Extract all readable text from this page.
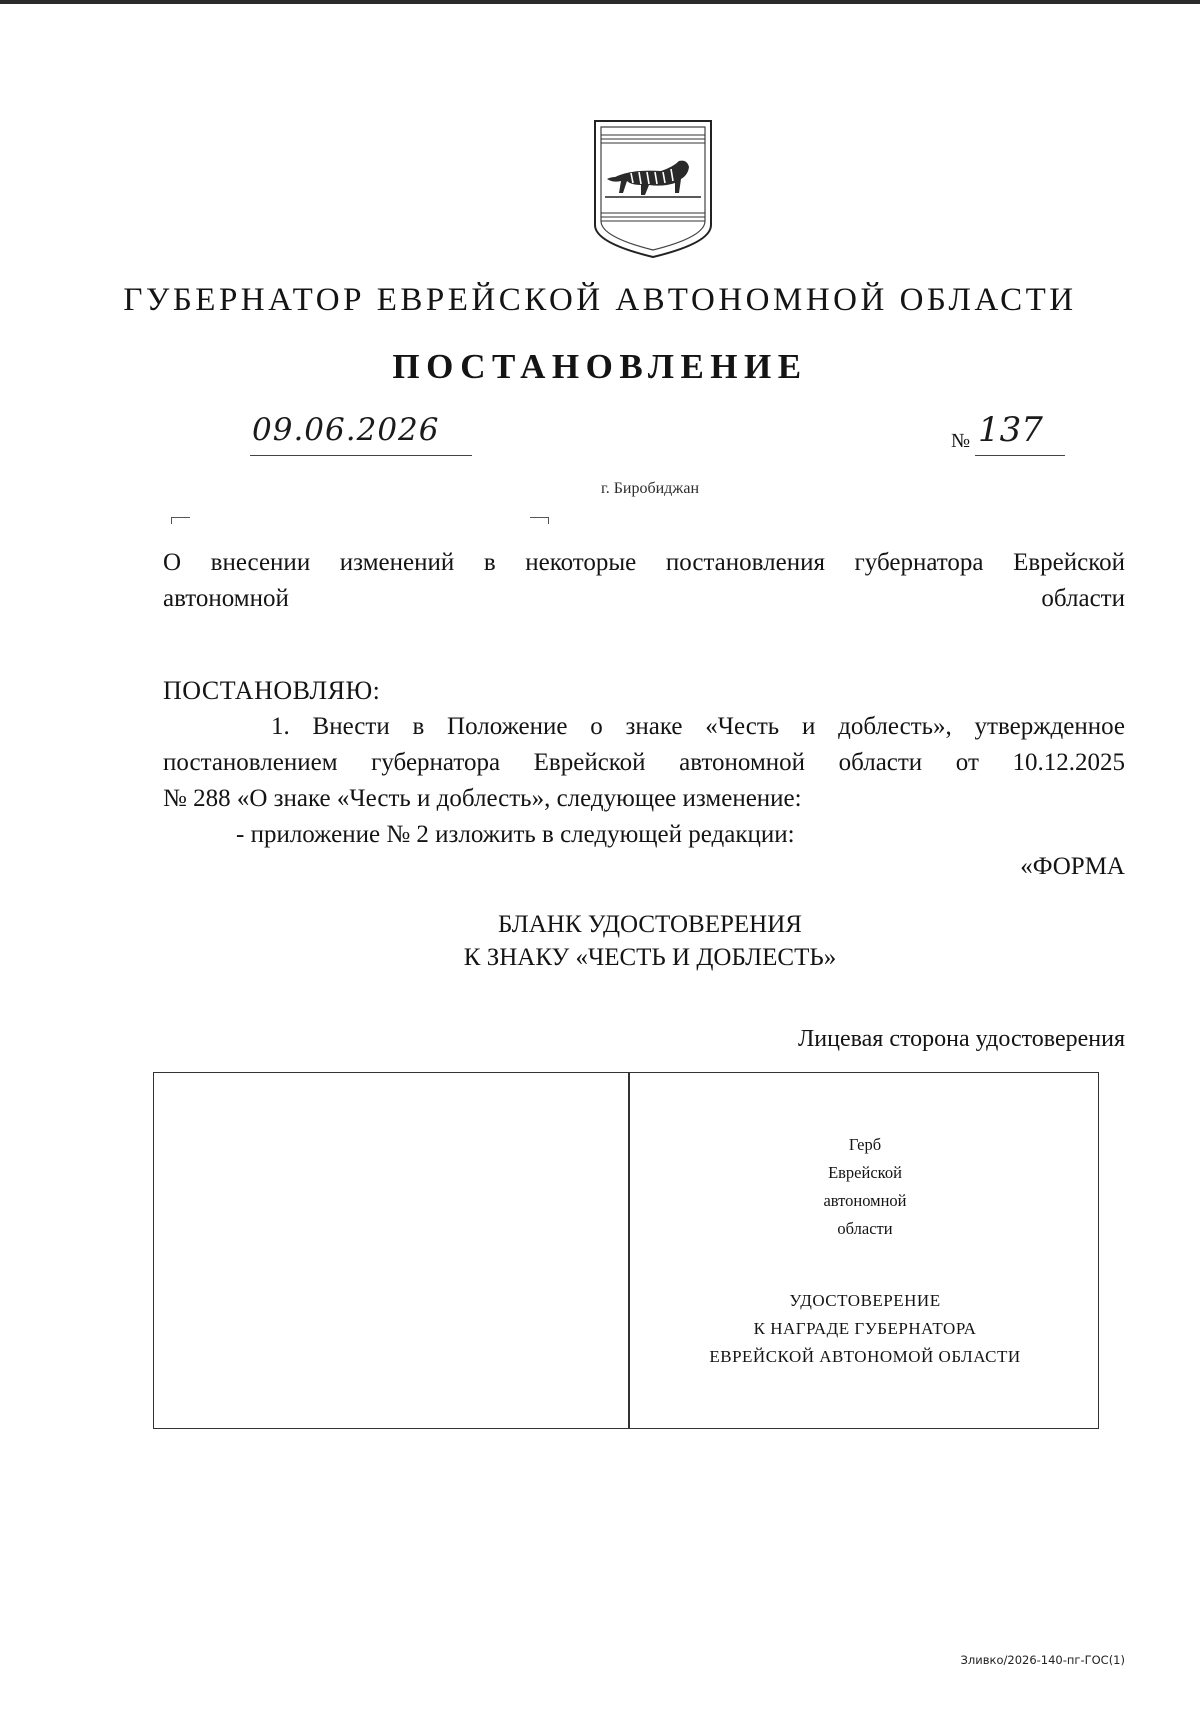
ГУБЕРНАТОР ЕВРЕЙСКОЙ АВТОНОМНОЙ ОБЛАСТИ
ПОСТАНОВЛЕНИЕ
09.06.2026	№ 137
г. Биробиджан
О внесении изменений в некоторые постановления губернатора Еврейской
автономной области
ПОСТАНОВЛЯЮ:
1. Внести в Положение о знаке «Честь и доблесть», утвержденное
постановлением губернатора Еврейской автономной области от 10.12.2025
№ 288 «О знаке «Честь и доблесть», следующее изменение:
- приложение № 2 изложить в следующей редакции:
«ФОРМА
БЛАНК УДОСТОВЕРЕНИЯ
К ЗНАКУ «ЧЕСТЬ И ДОБЛЕСТЬ»
Лицевая сторона удостоверения
Герб
Еврейской
автономной
области
УДОСТОВЕРЕНИЕ
К НАГРАДЕ ГУБЕРНАТОРА
ЕВРЕЙСКОЙ АВТОНОМОЙ ОБЛАСТИ
Зливко/2026-140-пг-ГОС(1)
